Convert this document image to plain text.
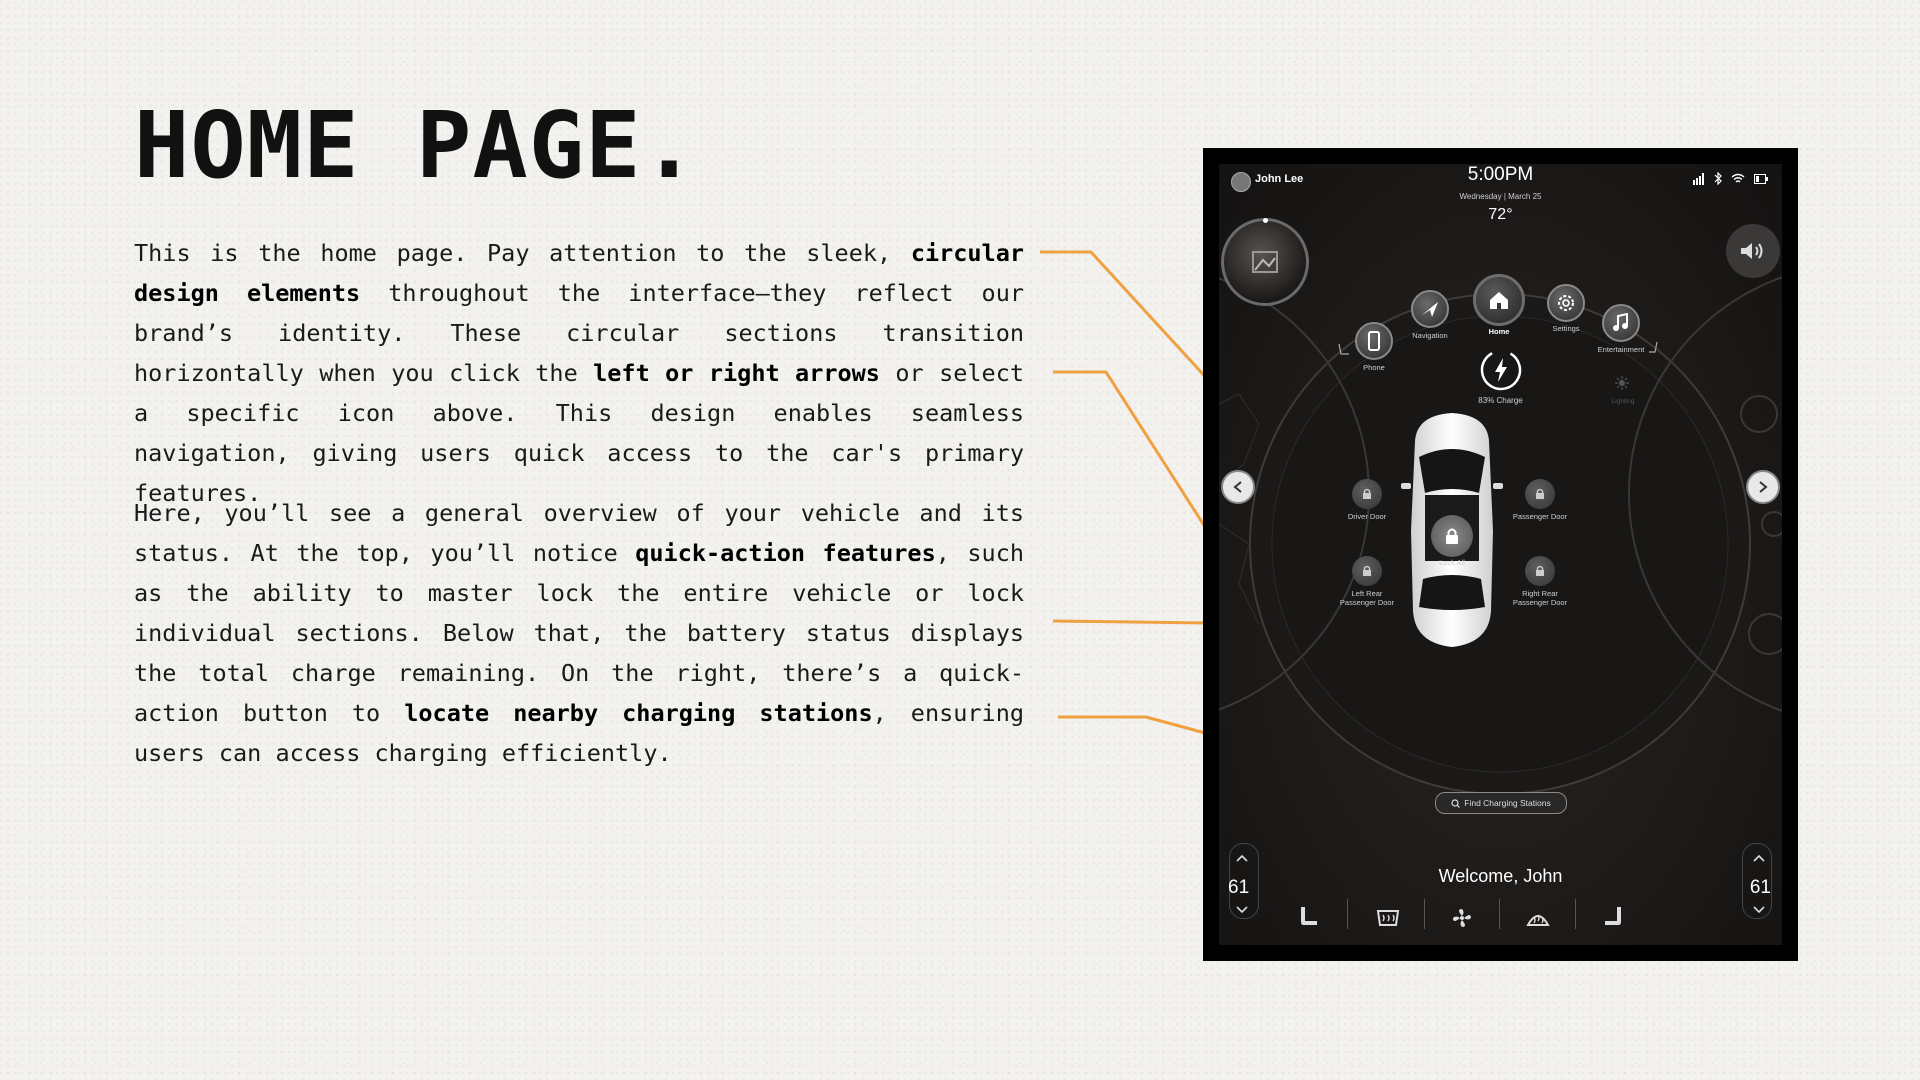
HOME PAGE.

This is the home page. Pay attention to the sleek, circular design elements throughout the interface—they reflect our brand’s identity. These circular sections transition horizontally when you click the left or right arrows or select a specific icon above. This design enables seamless navigation, giving users quick access to the car's primary features.

Here, you’ll see a general overview of your vehicle and its status. At the top, you’ll notice quick-action features, such as the ability to master lock the entire vehicle or lock individual sections. Below that, the battery status displays the total charge remaining. On the right, there’s a quick-action button to locate nearby charging stations, ensuring users can access charging efficiently.

John Lee	5:00PM
Wednesday | March 25
72°
Phone
Navigation	Home	Settings
Entertainment
Lighting
83% Charge
Lock All
Driver Door	Passenger Door
Left Rear
Passenger Door
Right Rear
Passenger Door
Find Charging Stations
Welcome, John
61	61
